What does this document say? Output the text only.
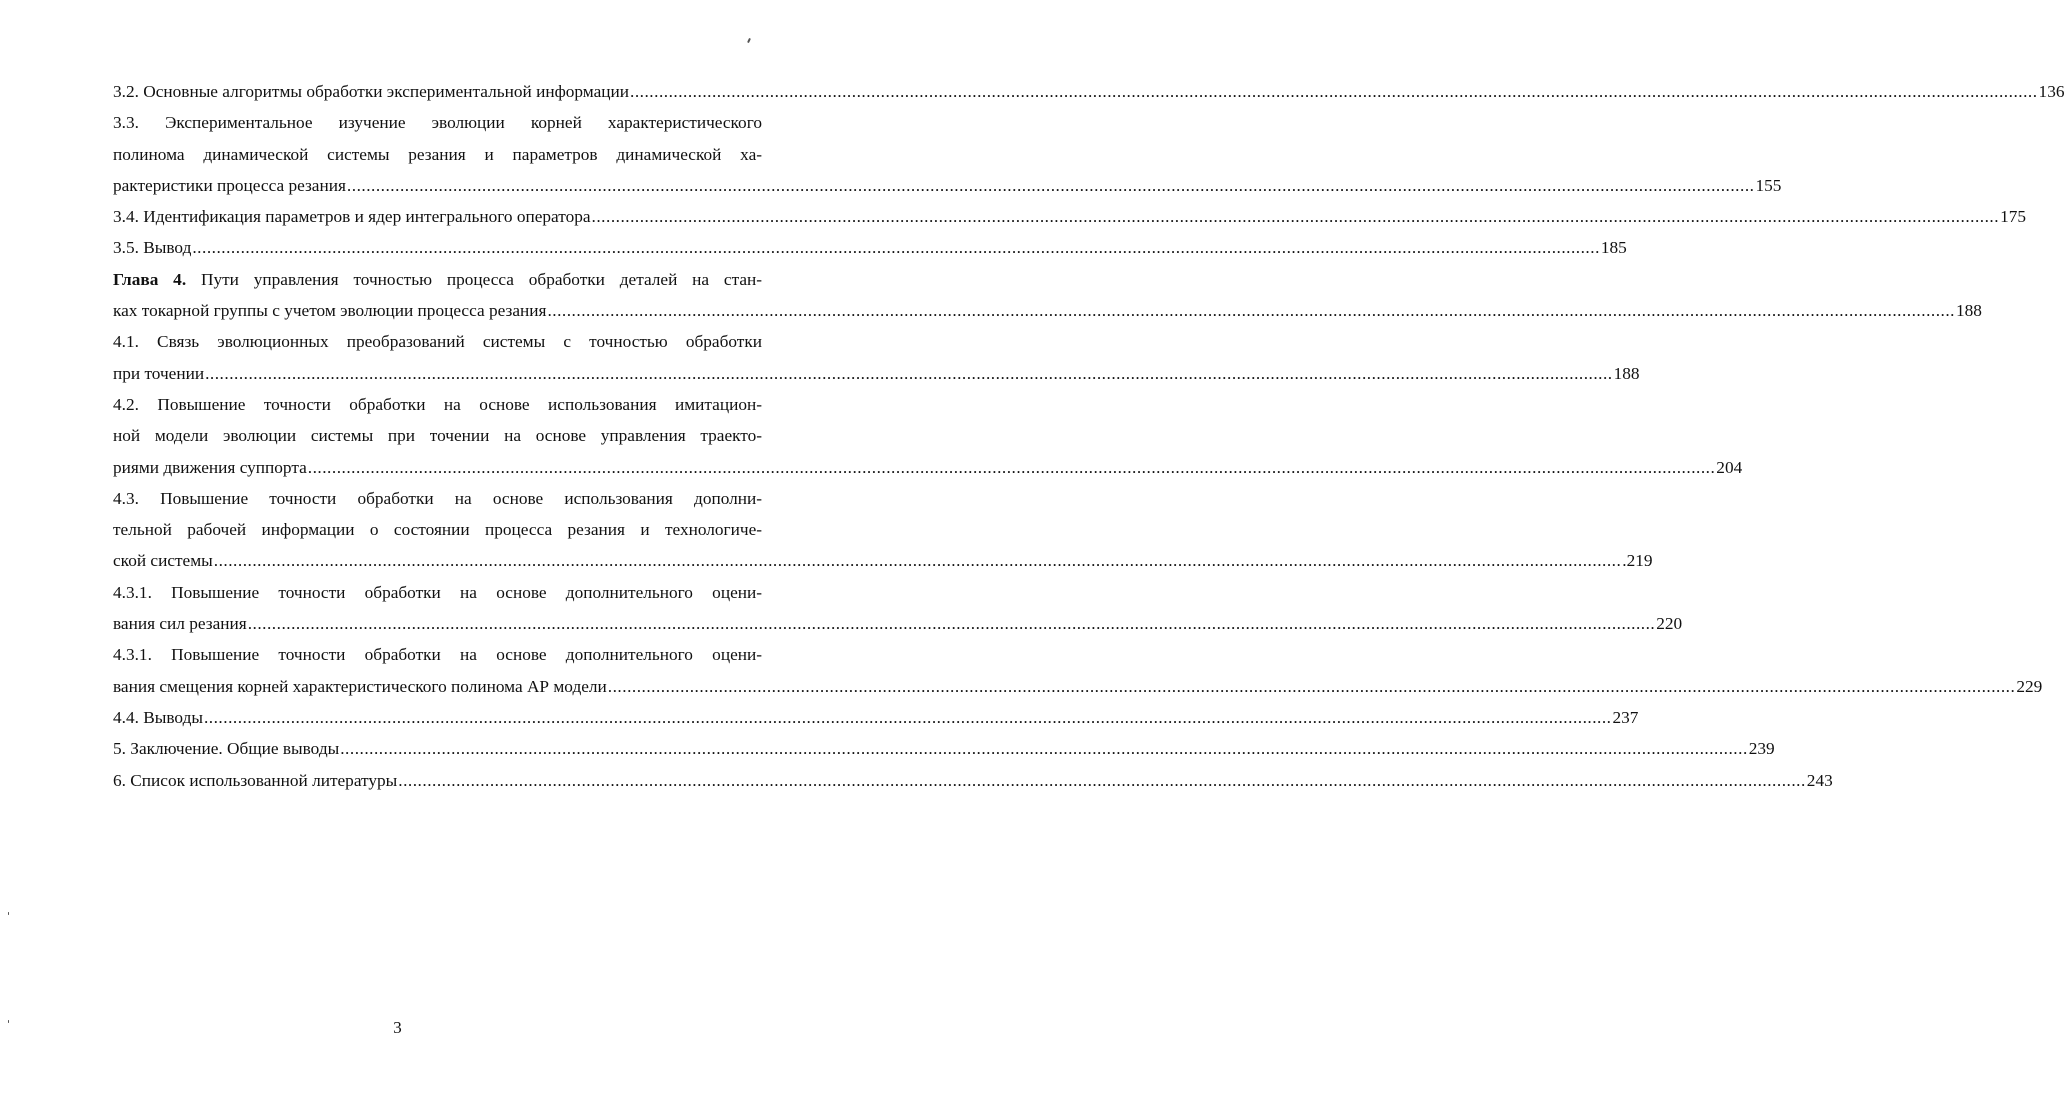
3.2. Основные алгоритмы обработки экспериментальной информации .....	136
3.3. Экспериментальное изучение эволюции корней характеристического
полинома динамической системы резания и параметров динамической ха-
рактеристики процесса резания .....	155
3.4. Идентификация параметров и ядер интегрального оператора .....	175
3.5. Вывод .....	185
Глава 4. Пути управления точностью процесса обработки деталей на стан-
ках токарной группы с учетом эволюции процесса резания .....	188
4.1. Связь эволюционных преобразований системы с точностью обработки
при точении .....	188
4.2. Повышение точности обработки на основе использования имитацион-
ной модели эволюции системы при точении на основе управления траекто-
риями движения суппорта .....	204
4.3. Повышение точности обработки на основе использования дополни-
тельной рабочей информации о состоянии процесса резания и технологиче-
ской системы .....	.219
4.3.1. Повышение точности обработки на основе дополнительного оцени-
вания сил резания .....	220
4.3.1. Повышение точности обработки на основе дополнительного оцени-
вания смещения корней характеристического полинома АР модели .....	229
4.4. Выводы .....	237
5. Заключение. Общие выводы .....	239
6. Список использованной литературы .....	243
3
